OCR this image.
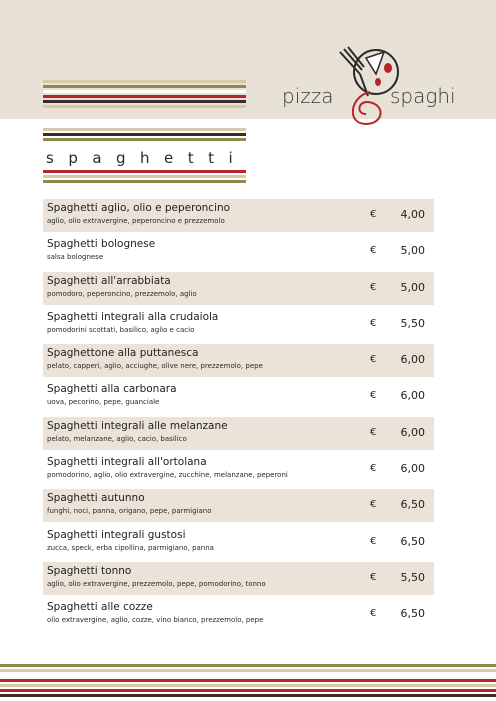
spaghetti
pizza	spaghi
Spaghetti aglio, olio e peperoncino
aglio, olio extravergine, peperoncino e prezzemolo
€ 4,00
Spaghetti bolognese
salsa bolognese
€ 5,00
Spaghetti all'arrabbiata
pomodoro, peperoncino, prezzemolo, aglio
€ 5,00
Spaghetti integrali alla crudaiola
pomodorini scottati, basilico, aglio e cacio
€ 5,50
Spaghettone alla puttanesca
pelato, capperi, aglio, acciughe, olive nere, prezzemolo, pepe
€ 6,00
Spaghetti alla carbonara
uova, pecorino, pepe, guanciale
€ 6,00
Spaghetti integrali alle melanzane
pelato, melanzane, aglio, cacio, basilico
€ 6,00
Spaghetti integrali all'ortolana
pomodorino, aglio, olio extravergine, zucchine, melanzane, peperoni
€ 6,00
Spaghetti autunno
funghi, noci, panna, origano, pepe, parmigiano
€ 6,50
Spaghetti integrali gustosi
zucca, speck, erba cipollina, parmigiano, panna
€ 6,50
Spaghetti tonno
aglio, olio extravergine, prezzemolo, pepe, pomodorino, tonno
€ 5,50
Spaghetti alle cozze
olio extravergine, aglio, cozze, vino bianco, prezzemolo, pepe
€ 6,50
